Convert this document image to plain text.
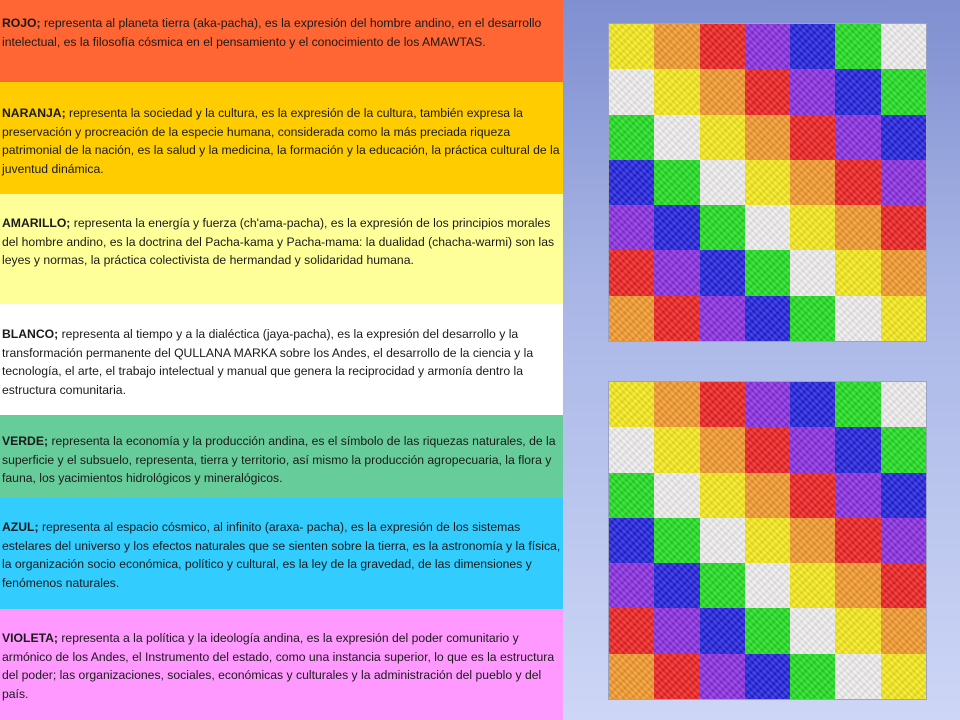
ROJO; representa al planeta tierra (aka-pacha), es la expresión del hombre andino, en el desarrollo intelectual, es la filosofía cósmica en el pensamiento y el conocimiento de los AMAWTAS.
NARANJA; representa la sociedad y la cultura, es la expresión de la cultura, también expresa la preservación y procreación de la especie humana, considerada como la más preciada riqueza patrimonial de la nación, es la salud y la medicina, la formación y la educación, la práctica cultural de la juventud dinámica.
AMARILLO; representa la energía y fuerza (ch'ama-pacha), es la expresión de los principios morales del hombre andino, es la doctrina del Pacha-kama y Pacha-mama: la dualidad (chacha-warmi) son las leyes y normas, la práctica colectivista de hermandad y solidaridad humana.
BLANCO; representa al tiempo y a la dialéctica (jaya-pacha), es la expresión del desarrollo y la transformación permanente del QULLANA MARKA sobre los Andes, el desarrollo de la ciencia y la tecnología, el arte, el trabajo intelectual y manual que genera la reciprocidad y armonía dentro la estructura comunitaria.
VERDE; representa la economía y la producción andina, es el símbolo de las riquezas naturales, de la superficie y el subsuelo, representa, tierra y territorio, así mismo la producción agropecuaria, la flora y fauna, los yacimientos hidrológicos y mineralógicos.
AZUL; representa al espacio cósmico, al infinito (araxa- pacha), es la expresión de los sistemas estelares del universo y los efectos naturales que se sienten sobre la tierra, es la astronomía y la física, la organización socio económica, político y cultural, es la ley de la gravedad, de las dimensiones y fenómenos naturales.
VIOLETA; representa a la política y la ideología andina, es la expresión del poder comunitario y armónico de los Andes, el Instrumento del estado, como una instancia superior, lo que es la estructura del poder; las organizaciones, sociales, económicas y culturales y la administración del pueblo y del país.
